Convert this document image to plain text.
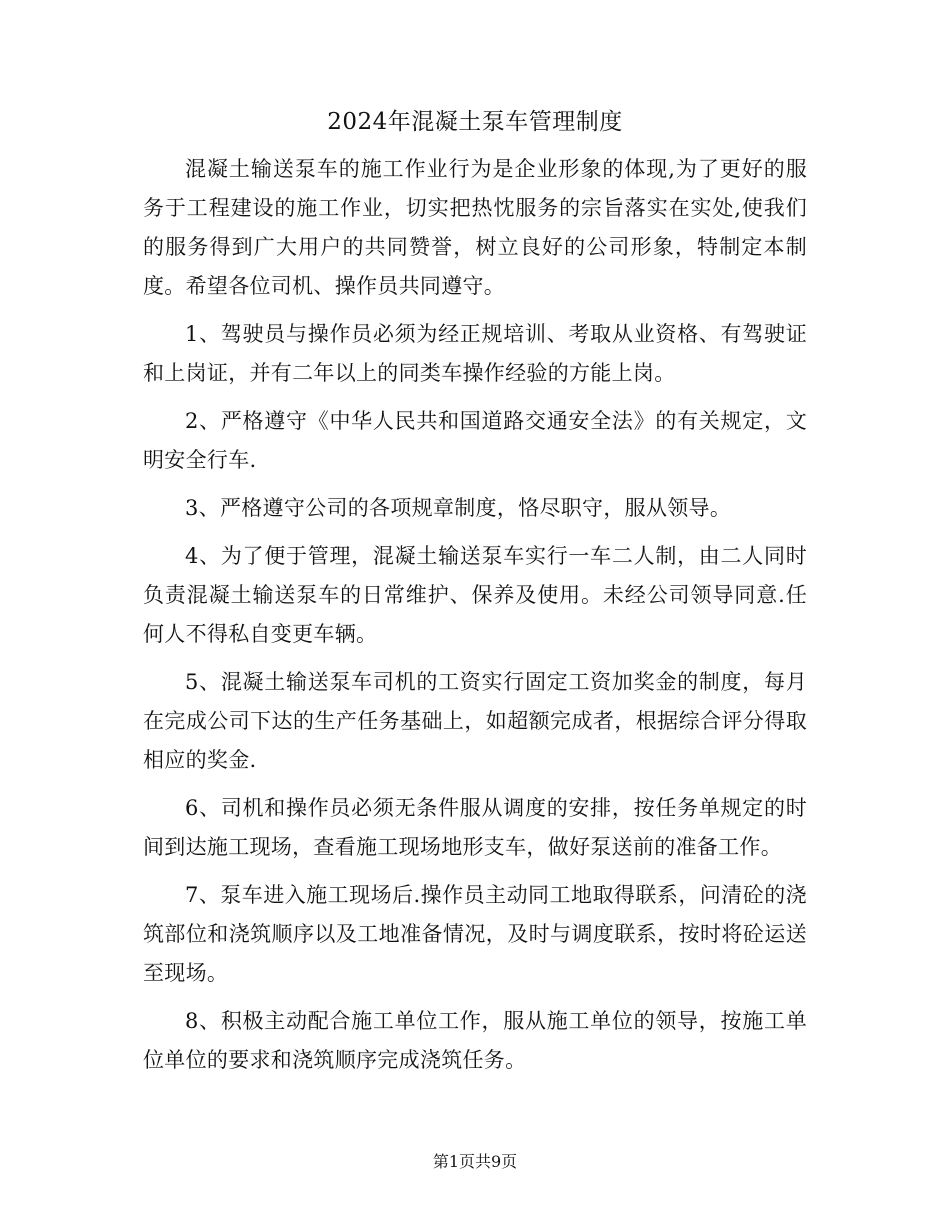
2024年混凝土泵车管理制度

混凝土输送泵车的施工作业行为是企业形象的体现,为了更好的服务于工程建设的施工作业，切实把热忱服务的宗旨落实在实处,使我们的服务得到广大用户的共同赞誉，树立良好的公司形象，特制定本制度。希望各位司机、操作员共同遵守。

1、驾驶员与操作员必须为经正规培训、考取从业资格、有驾驶证和上岗证，并有二年以上的同类车操作经验的方能上岗。

2、严格遵守《中华人民共和国道路交通安全法》的有关规定，文明安全行车.

3、严格遵守公司的各项规章制度，恪尽职守，服从领导。

4、为了便于管理，混凝土输送泵车实行一车二人制，由二人同时负责混凝土输送泵车的日常维护、保养及使用。未经公司领导同意.任何人不得私自变更车辆。

5、混凝土输送泵车司机的工资实行固定工资加奖金的制度，每月在完成公司下达的生产任务基础上，如超额完成者，根据综合评分得取相应的奖金.

6、司机和操作员必须无条件服从调度的安排，按任务单规定的时间到达施工现场，查看施工现场地形支车，做好泵送前的准备工作。

7、泵车进入施工现场后.操作员主动同工地取得联系，问清砼的浇筑部位和浇筑顺序以及工地准备情况，及时与调度联系，按时将砼运送至现场。

8、积极主动配合施工单位工作，服从施工单位的领导，按施工单位单位的要求和浇筑顺序完成浇筑任务。

第1页共9页
